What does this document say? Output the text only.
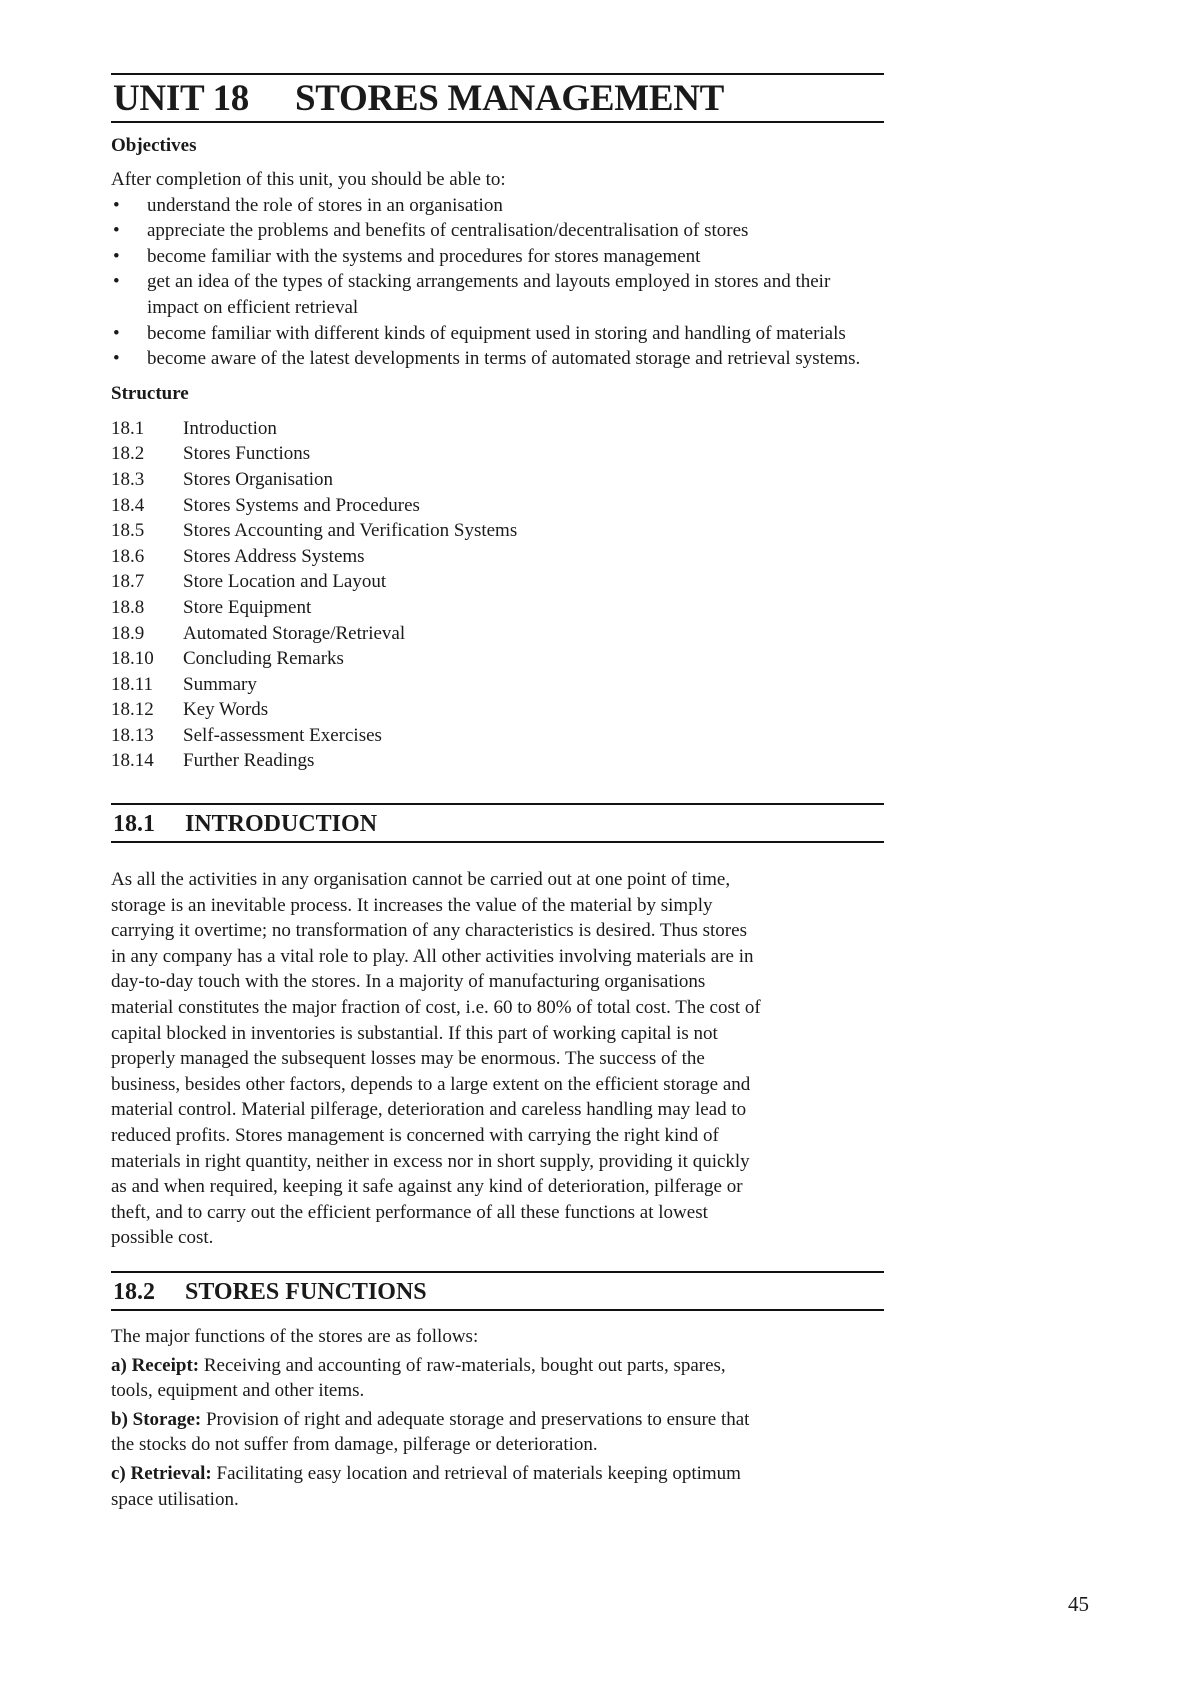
UNIT 18 STORES MANAGEMENT
Objectives
After completion of this unit, you should be able to:
• understand the role of stores in an organisation
• appreciate the problems and benefits of centralisation/decentralisation of stores
• become familiar with the systems and procedures for stores management
• get an idea of the types of stacking arrangements and layouts employed in stores and their impact on efficient retrieval
• become familiar with different kinds of equipment used in storing and handling of materials
• become aware of the latest developments in terms of automated storage and retrieval systems.
Structure
18.1 Introduction
18.2 Stores Functions
18.3 Stores Organisation
18.4 Stores Systems and Procedures
18.5 Stores Accounting and Verification Systems
18.6 Stores Address Systems
18.7 Store Location and Layout
18.8 Store Equipment
18.9 Automated Storage/Retrieval
18.10 Concluding Remarks
18.11 Summary
18.12 Key Words
18.13 Self-assessment Exercises
18.14 Further Readings
18.1 INTRODUCTION
As all the activities in any organisation cannot be carried out at one point of time,
storage is an inevitable process. It increases the value of the material by simply
carrying it overtime; no transformation of any characteristics is desired. Thus stores
in any company has a vital role to play. All other activities involving materials are in
day-to-day touch with the stores. In a majority of manufacturing organisations
material constitutes the major fraction of cost, i.e. 60 to 80% of total cost. The cost of
capital blocked in inventories is substantial. If this part of working capital is not
properly managed the subsequent losses may be enormous. The success of the
business, besides other factors, depends to a large extent on the efficient storage and
material control. Material pilferage, deterioration and careless handling may lead to
reduced profits. Stores management is concerned with carrying the right kind of
materials in right quantity, neither in excess nor in short supply, providing it quickly
as and when required, keeping it safe against any kind of deterioration, pilferage or
theft, and to carry out the efficient performance of all these functions at lowest
possible cost.
18.2 STORES FUNCTIONS
The major functions of the stores are as follows:
a) Receipt: Receiving and accounting of raw-materials, bought out parts, spares,
tools, equipment and other items.
b) Storage: Provision of right and adequate storage and preservations to ensure that
the stocks do not suffer from damage, pilferage or deterioration.
c) Retrieval: Facilitating easy location and retrieval of materials keeping optimum
space utilisation.
45
